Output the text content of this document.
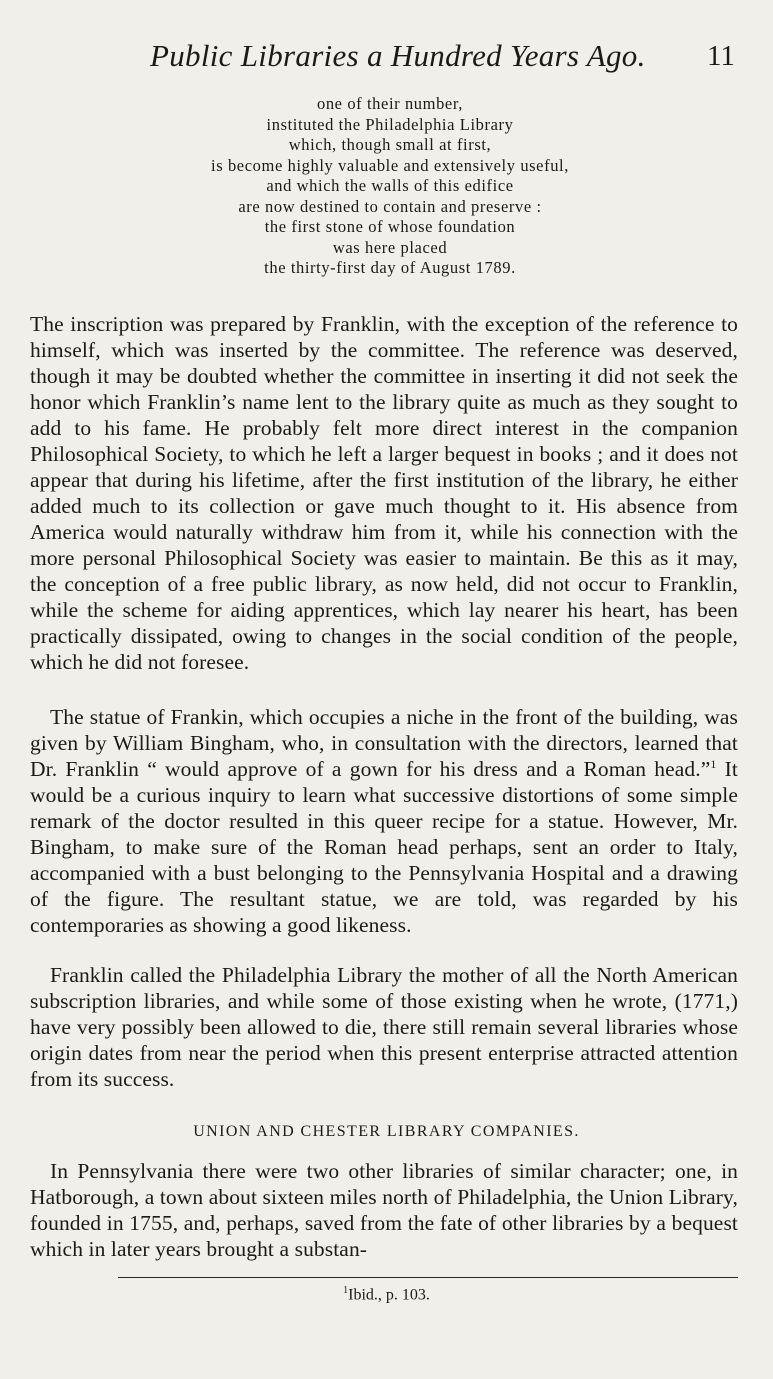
Public Libraries a Hundred Years Ago. 11
one of their number,
instituted the Philadelphia Library
which, though small at first,
is become highly valuable and extensively useful,
and which the walls of this edifice
are now destined to contain and preserve :
the first stone of whose foundation
was here placed
the thirty-first day of August 1789.

The inscription was prepared by Franklin, with the exception of the reference to himself, which was inserted by the committee. The reference was deserved, though it may be doubted whether the committee in inserting it did not seek the honor which Franklin’s name lent to the library quite as much as they sought to add to his fame. He probably felt more direct interest in the companion Philosophical Society, to which he left a larger bequest in books ; and it does not appear that during his lifetime, after the first institution of the library, he either added much to its collection or gave much thought to it. His absence from America would naturally withdraw him from it, while his connection with the more personal Philosophical Society was easier to maintain. Be this as it may, the conception of a free public library, as now held, did not occur to Franklin, while the scheme for aiding apprentices, which lay nearer his heart, has been practically dissipated, owing to changes in the social condition of the people, which he did not foresee.

The statue of Frankin, which occupies a niche in the front of the building, was given by William Bingham, who, in consultation with the directors, learned that Dr. Franklin “ would approve of a gown for his dress and a Roman head.”$^1$ It would be a curious inquiry to learn what successive distortions of some simple remark of the doctor resulted in this queer recipe for a statue. However, Mr. Bingham, to make sure of the Roman head perhaps, sent an order to Italy, accompanied with a bust belonging to the Pennsylvania Hospital and a drawing of the figure. The resultant statue, we are told, was regarded by his contemporaries as showing a good likeness.

Franklin called the Philadelphia Library the mother of all the North American subscription libraries, and while some of those existing when he wrote, (1771,) have very possibly been allowed to die, there still remain several libraries whose origin dates from near the period when this present enterprise attracted attention from its success.

UNION AND CHESTER LIBRARY COMPANIES.

In Pennsylvania there were two other libraries of similar character; one, in Hatborough, a town about sixteen miles north of Philadelphia, the Union Library, founded in 1755, and, perhaps, saved from the fate of other libraries by a bequest which in later years brought a substan-

$^1$Ibid., p. 103.
